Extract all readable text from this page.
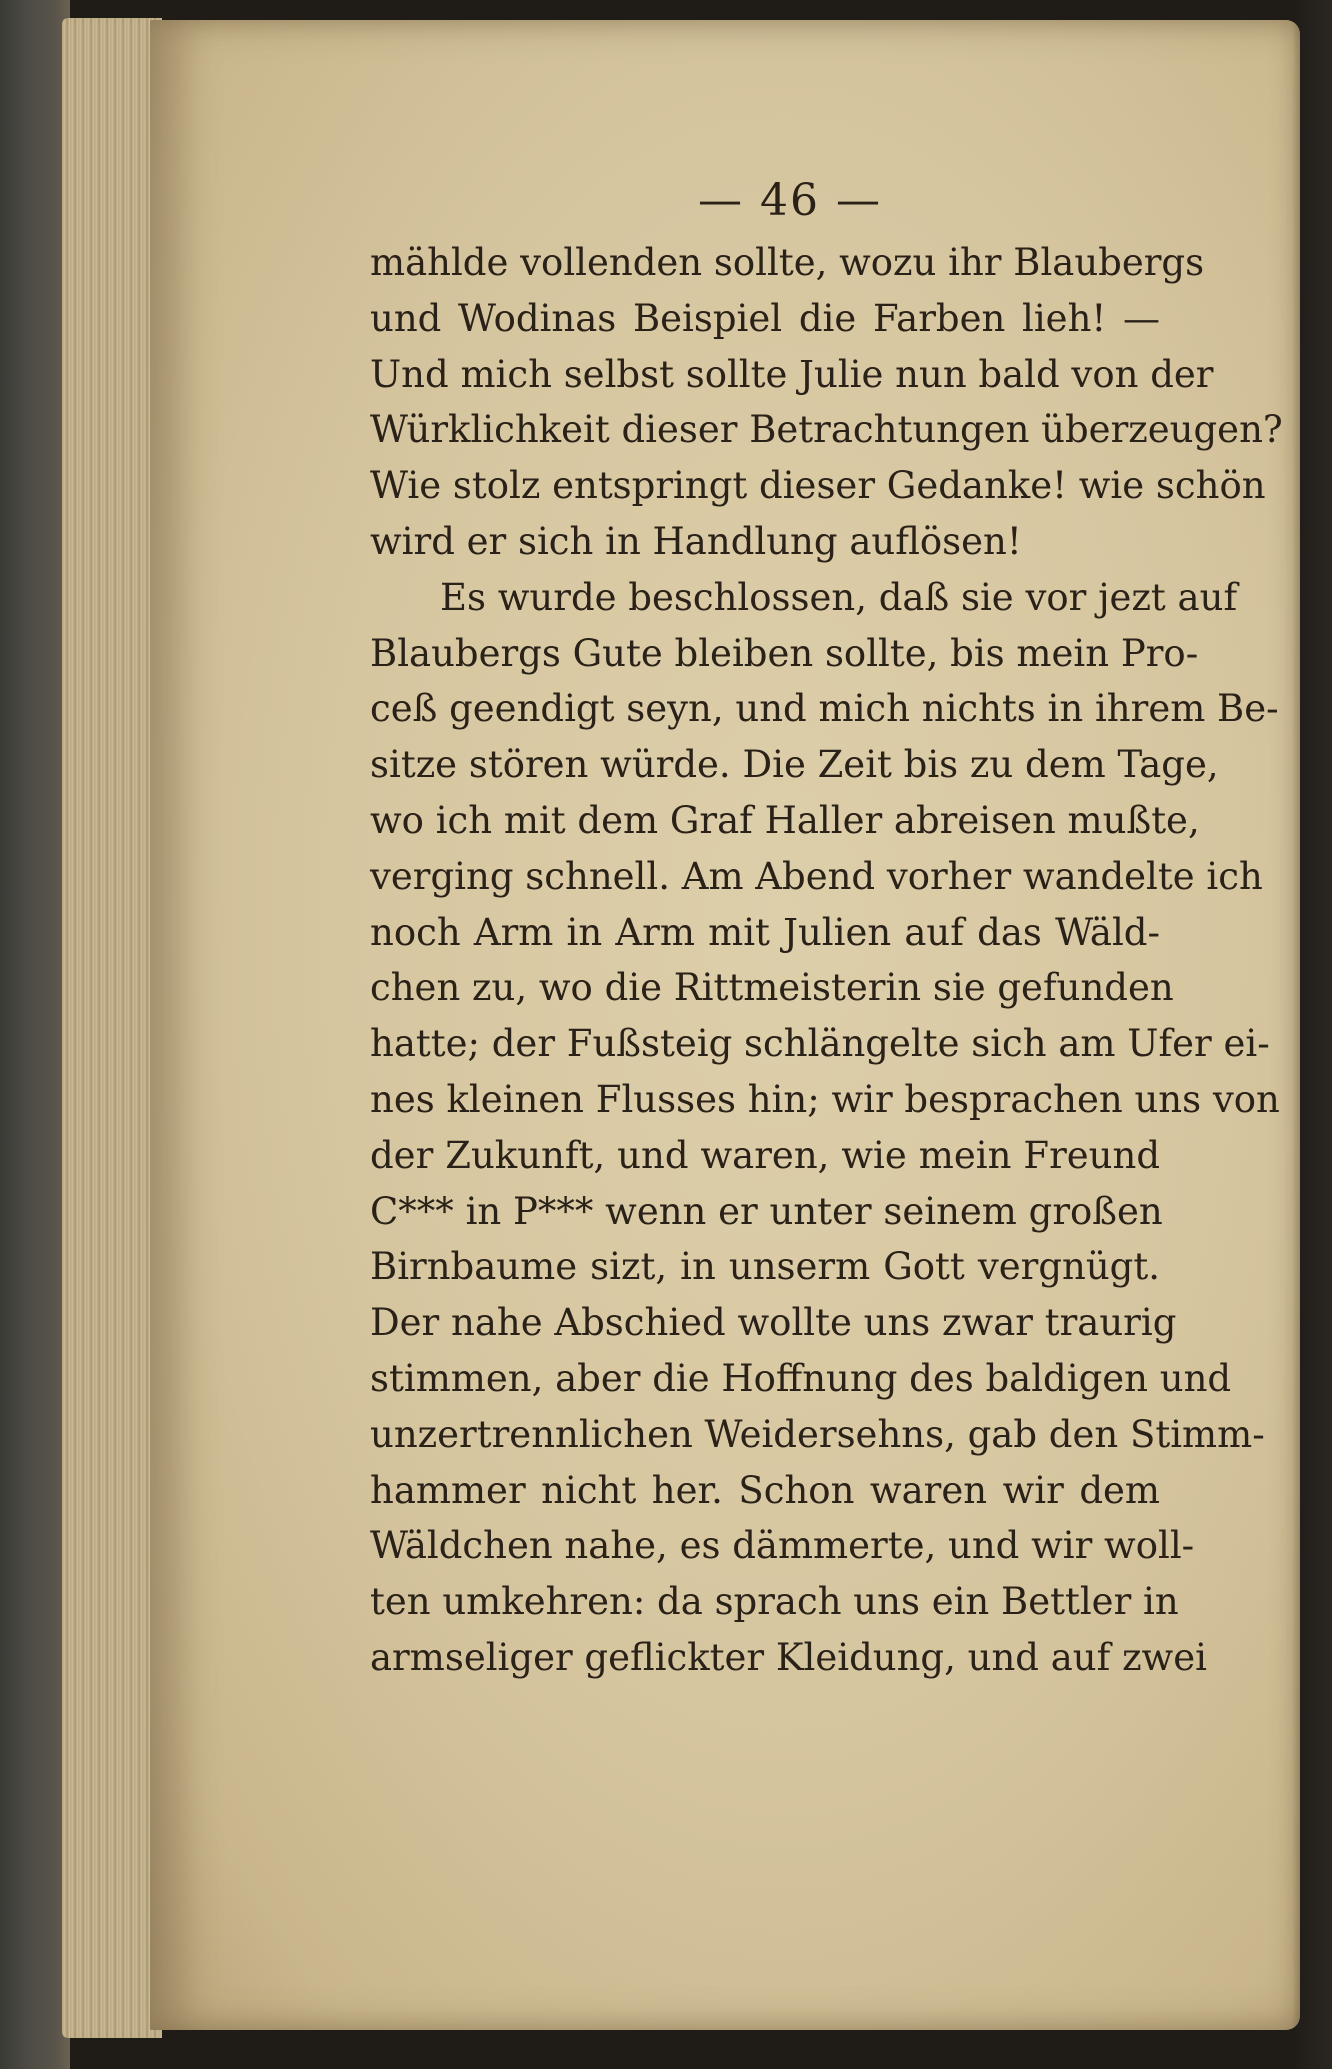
— 46 —
mählde vollenden sollte, wozu ihr Blaubergs
und Wodinas Beispiel die Farben lieh! —
Und mich selbst sollte Julie nun bald von der
Würklichkeit dieser Betrachtungen überzeugen?
Wie stolz entspringt dieser Gedanke! wie schön
wird er sich in Handlung auflösen!
Es wurde beschlossen, daß sie vor jezt auf
Blaubergs Gute bleiben sollte, bis mein Pro-
ceß geendigt seyn, und mich nichts in ihrem Be-
sitze stören würde. Die Zeit bis zu dem Tage,
wo ich mit dem Graf Haller abreisen mußte,
verging schnell. Am Abend vorher wandelte ich
noch Arm in Arm mit Julien auf das Wäld-
chen zu, wo die Rittmeisterin sie gefunden
hatte; der Fußsteig schlängelte sich am Ufer ei-
nes kleinen Flusses hin; wir besprachen uns von
der Zukunft, und waren, wie mein Freund
C*** in P*** wenn er unter seinem großen
Birnbaume sizt, in unserm Gott vergnügt.
Der nahe Abschied wollte uns zwar traurig
stimmen, aber die Hoffnung des baldigen und
unzertrennlichen Weidersehns, gab den Stimm-
hammer nicht her. Schon waren wir dem
Wäldchen nahe, es dämmerte, und wir woll-
ten umkehren: da sprach uns ein Bettler in
armseliger geflickter Kleidung, und auf zwei
